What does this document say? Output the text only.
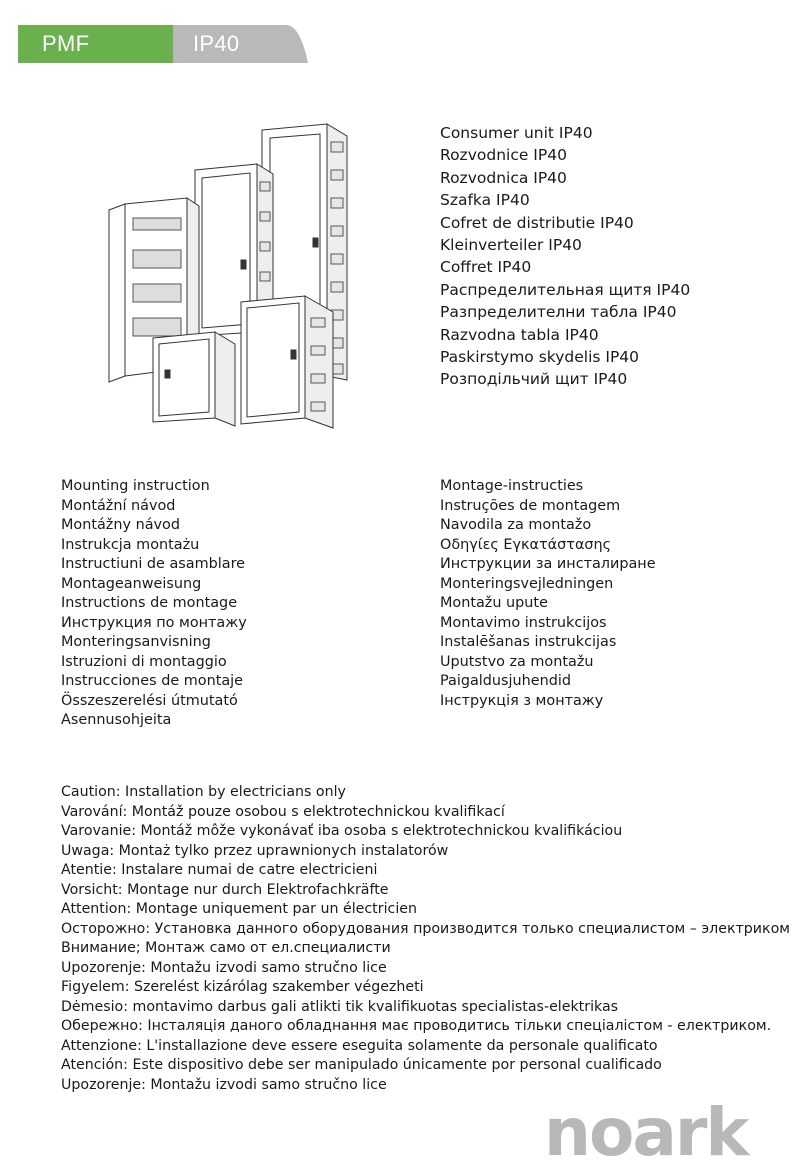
PMF	IP40
Consumer unit IP40
Rozvodnice IP40
Rozvodnica IP40
Szafka IP40
Cofret de distributie IP40
Kleinverteiler IP40
Coffret IP40
Распределительная щитя IP40
Разпределителни табла IP40
Razvodna tabla IP40
Paskirstymo skydelis IP40
Розподільчий щит IP40
Mounting instruction
Montážní návod
Montážny návod
Instrukcja montażu
Instructiuni de asamblare
Montageanweisung
Instructions de montage
Инструкция по монтажу
Monteringsanvisning
Istruzioni di montaggio
Instrucciones de montaje
Összeszerelési útmutató
Asennusohjeita
Montage-instructies
Instruções de montagem
Navodila za montažo
Οδηγίες Εγκατάστασης
Инструкции за инсталиране
Monteringsvejledningen
Montažu upute
Montavimo instrukcijos
Instalēšanas instrukcijas
Uputstvo za montažu
Paigaldusjuhendid
Інструкція з монтажу
Caution: Installation by electricians only
Varování: Montáž pouze osobou s elektrotechnickou kvalifikací
Varovanie: Montáž môže vykonávať iba osoba s elektrotechnickou kvalifikáciou
Uwaga: Montaż tylko przez uprawnionych instalatorów
Atentie: Instalare numai de catre electricieni
Vorsicht: Montage nur durch Elektrofachkräfte
Attention: Montage uniquement par un électricien
Осторожно: Установка данного оборудования производится только специалистом – электриком
Внимание; Монтаж само от ел.специалисти
Upozorenje: Montažu izvodi samo stručno lice
Figyelem: Szerelést kizárólag szakember végezheti
Dėmesio: montavimo darbus gali atlikti tik kvalifikuotas specialistas-elektrikas
Обережно: Інсталяція даного обладнання має проводитись тільки спеціалістом - електриком.
Attenzione: L'installazione deve essere eseguita solamente da personale qualificato
Atención: Este dispositivo debe ser manipulado únicamente por personal cualificado
Upozorenje: Montažu izvodi samo stručno lice
noark
